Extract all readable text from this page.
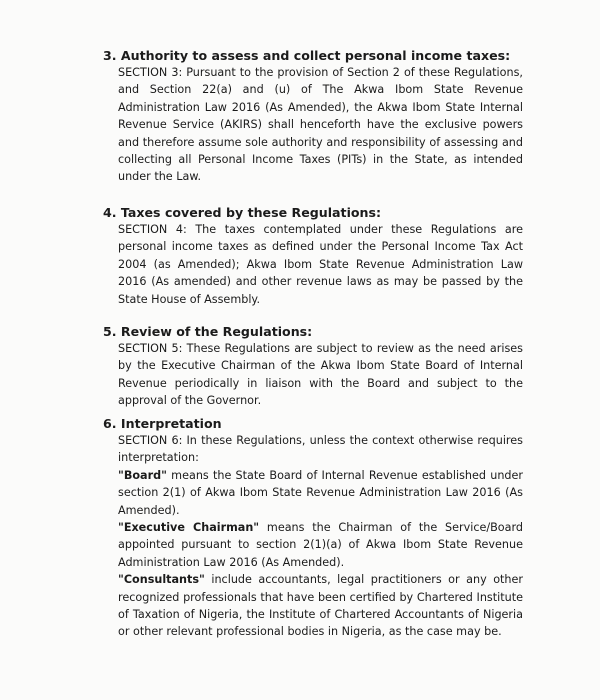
3. Authority to assess and collect personal income taxes:

SECTION 3: Pursuant to the provision of Section 2 of these Regulations, and Section 22(a) and (u) of The Akwa Ibom State Revenue Administration Law 2016 (As Amended), the Akwa Ibom State Internal Revenue Service (AKIRS) shall henceforth have the exclusive powers and therefore assume sole authority and responsibility of assessing and collecting all Personal Income Taxes (PITs) in the State, as intended under the Law.

4. Taxes covered by these Regulations:

SECTION 4: The taxes contemplated under these Regulations are personal income taxes as defined under the Personal Income Tax Act 2004 (as Amended); Akwa Ibom State Revenue Administration Law 2016 (As amended) and other revenue laws as may be passed by the State House of Assembly.

5. Review of the Regulations:

SECTION 5: These Regulations are subject to review as the need arises by the Executive Chairman of the Akwa Ibom State Board of Internal Revenue periodically in liaison with the Board and subject to the approval of the Governor.

6. Interpretation

SECTION 6: In these Regulations, unless the context otherwise requires interpretation:

"Board" means the State Board of Internal Revenue established under section 2(1) of Akwa Ibom State Revenue Administration Law 2016 (As Amended).

"Executive Chairman" means the Chairman of the Service/Board appointed pursuant to section 2(1)(a) of Akwa Ibom State Revenue Administration Law 2016 (As Amended).

"Consultants" include accountants, legal practitioners or any other recognized professionals that have been certified by Chartered Institute of Taxation of Nigeria, the Institute of Chartered Accountants of Nigeria or other relevant professional bodies in Nigeria, as the case may be.
